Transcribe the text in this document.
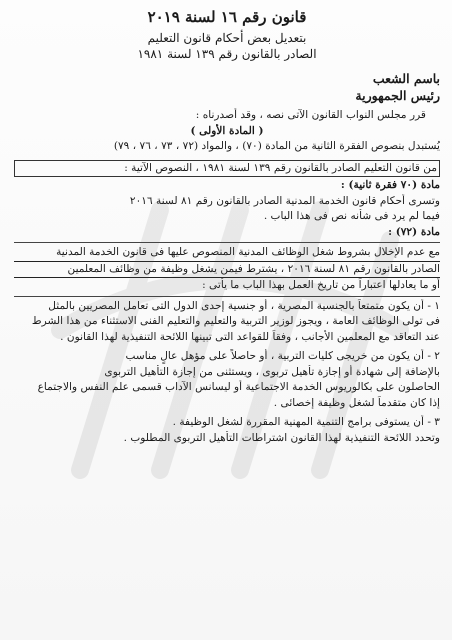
قانون رقم ١٦ لسنة ٢٠١٩
بتعديل بعض أحكام قانون التعليم
الصادر بالقانون رقم ١٣٩ لسنة ١٩٨١
باسم الشعب
رئيس الجمهورية
قرر مجلس النواب القانون الآتى نصه ، وقد أصدرناه :
( المادة الأولى )
يُستبدل بنصوص الفقرة الثانية من المادة (٧٠) ، والمواد (٧٢ ، ٧٣ ، ٧٦ ، ٧٩)
من قانون التعليم الصادر بالقانون رقم ١٣٩ لسنة ١٩٨١ ، النصوص الآتية :
مادة (٧٠ فقرة ثانية) :
وتسرى أحكام قانون الخدمة المدنية الصادر بالقانون رقم ٨١ لسنة ٢٠١٦
فيما لم يرد فى شأنه نص فى هذا الباب .
مادة (٧٢) :
مع عدم الإخلال بشروط شغل الوظائف المدنية المنصوص عليها فى قانون الخدمة المدنية
الصادر بالقانون رقم ٨١ لسنة ٢٠١٦ ، يشترط فيمن يشغل وظيفة من وظائف المعلمين
أو ما يعادلها اعتباراً من تاريخ العمل بهذا الباب ما يأتى :
١ - أن يكون متمتعاً بالجنسية المصرية ، أو جنسية إحدى الدول التى تعامل المصريين بالمثل
فى تولى الوظائف العامة ، ويجوز لوزير التربية والتعليم والتعليم الفنى الاستثناء من هذا الشرط
عند التعاقد مع المعلمين الأجانب ، وفقاً للقواعد التى تبينها اللائحة التنفيذية لهذا القانون .
٢ - أن يكون من خريجى كليات التربية ، أو حاصلاً على مؤهل عالٍ مناسب
بالإضافة إلى شهادة أو إجازة تأهيل تربوى ، ويستثنى من إجازة التأهيل التربوى
الحاصلون على بكالوريوس الخدمة الاجتماعية أو ليسانس الآداب قسمى علم النفس والاجتماع
إذا كان متقدماً لشغل وظيفة إخصائى .
٣ - أن يستوفى برامج التنمية المهنية المقررة لشغل الوظيفة .
وتحدد اللائحة التنفيذية لهذا القانون اشتراطات التأهيل التربوى المطلوب .
